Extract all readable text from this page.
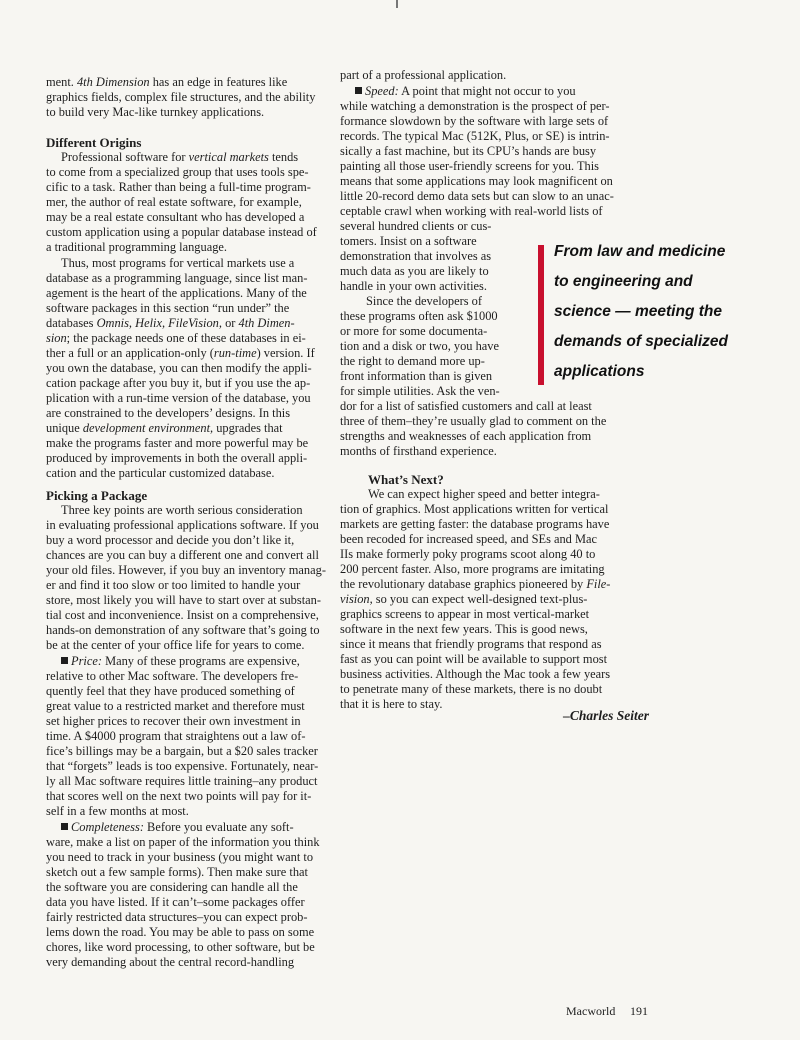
ment. 4th Dimension has an edge in features like
graphics fields, complex file structures, and the ability
to build very Mac-like turnkey applications.
Different Origins
Professional software for vertical markets tends
to come from a specialized group that uses tools spe-
cific to a task. Rather than being a full-time program-
mer, the author of real estate software, for example,
may be a real estate consultant who has developed a
custom application using a popular database instead of
a traditional programming language.
Thus, most programs for vertical markets use a
database as a programming language, since list man-
agement is the heart of the applications. Many of the
software packages in this section “run under” the
databases Omnis, Helix, FileVision, or 4th Dimen-
sion; the package needs one of these databases in ei-
ther a full or an application-only (run-time) version. If
you own the database, you can then modify the appli-
cation package after you buy it, but if you use the ap-
plication with a run-time version of the database, you
are constrained to the developers’ designs. In this
unique development environment, upgrades that
make the programs faster and more powerful may be
produced by improvements in both the overall appli-
cation and the particular customized database.
Picking a Package
Three key points are worth serious consideration
in evaluating professional applications software. If you
buy a word processor and decide you don’t like it,
chances are you can buy a different one and convert all
your old files. However, if you buy an inventory manag-
er and find it too slow or too limited to handle your
store, most likely you will have to start over at substan-
tial cost and inconvenience. Insist on a comprehensive,
hands-on demonstration of any software that’s going to
be at the center of your office life for years to come.
Price: Many of these programs are expensive,
relative to other Mac software. The developers fre-
quently feel that they have produced something of
great value to a restricted market and therefore must
set higher prices to recover their own investment in
time. A $4000 program that straightens out a law of-
fice’s billings may be a bargain, but a $20 sales tracker
that “forgets” leads is too expensive. Fortunately, near-
ly all Mac software requires little training–any product
that scores well on the next two points will pay for it-
self in a few months at most.
Completeness: Before you evaluate any soft-
ware, make a list on paper of the information you think
you need to track in your business (you might want to
sketch out a few sample forms). Then make sure that
the software you are considering can handle all the
data you have listed. If it can’t–some packages offer
fairly restricted data structures–you can expect prob-
lems down the road. You may be able to pass on some
chores, like word processing, to other software, but be
very demanding about the central record-handling
part of a professional application.
Speed: A point that might not occur to you
while watching a demonstration is the prospect of per-
formance slowdown by the software with large sets of
records. The typical Mac (512K, Plus, or SE) is intrin-
sically a fast machine, but its CPU’s hands are busy
painting all those user-friendly screens for you. This
means that some applications may look magnificent on
little 20-record demo data sets but can slow to an unac-
ceptable crawl when working with real-world lists of
several hundred clients or cus-
tomers. Insist on a software
demonstration that involves as
much data as you are likely to
handle in your own activities.
Since the developers of
these programs often ask $1000
or more for some documenta-
tion and a disk or two, you have
the right to demand more up-
front information than is given
for simple utilities. Ask the ven-
dor for a list of satisfied customers and call at least
three of them–they’re usually glad to comment on the
strengths and weaknesses of each application from
months of firsthand experience.
From law and medicine
to engineering and
science — meeting the
demands of specialized
applications
What’s Next?
We can expect higher speed and better integra-
tion of graphics. Most applications written for vertical
markets are getting faster: the database programs have
been recoded for increased speed, and SEs and Mac
IIs make formerly poky programs scoot along 40 to
200 percent faster. Also, more programs are imitating
the revolutionary database graphics pioneered by File-
vision, so you can expect well-designed text-plus-
graphics screens to appear in most vertical-market
software in the next few years. This is good news,
since it means that friendly programs that respond as
fast as you can point will be available to support most
business activities. Although the Mac took a few years
to penetrate many of these markets, there is no doubt
that it is here to stay.
–Charles Seiter
Macworld 191
